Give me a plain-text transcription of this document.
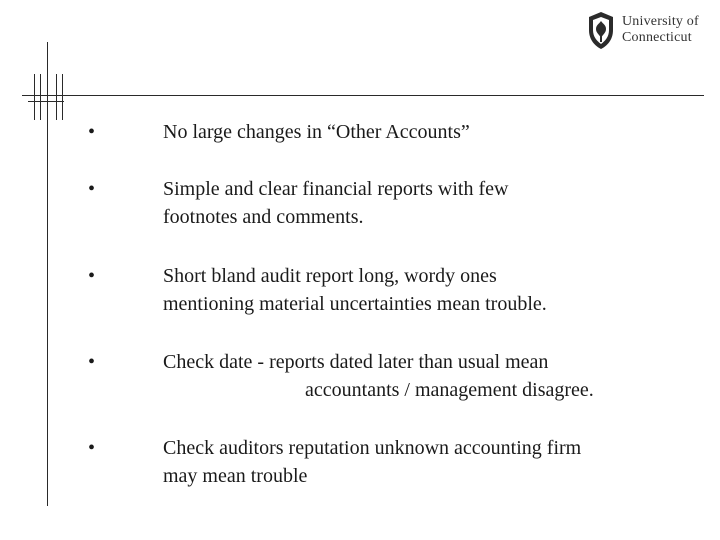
University of
Connecticut
•	No large changes in “Other Accounts”
•	Simple and clear financial reports with few
footnotes and comments.
•	Short bland audit report long, wordy ones
mentioning material uncertainties mean trouble.
•	Check date - reports dated later than usual mean
accountants / management disagree.
•	Check auditors reputation unknown accounting firm
may mean trouble
